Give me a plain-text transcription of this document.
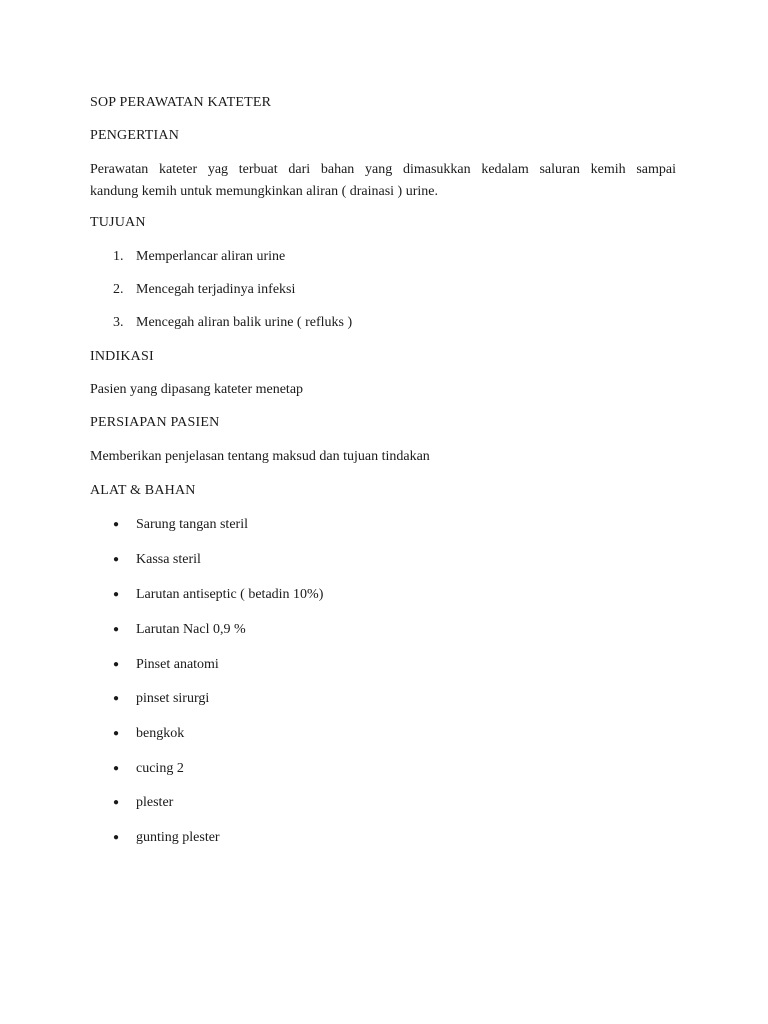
SOP PERAWATAN KATETER
PENGERTIAN
Perawatan kateter yag terbuat dari bahan yang dimasukkan kedalam saluran kemih sampai
kandung kemih untuk memungkinkan aliran ( drainasi ) urine.
TUJUAN
1. Memperlancar aliran urine
2. Mencegah terjadinya infeksi
3. Mencegah aliran balik urine ( refluks )
INDIKASI
Pasien yang dipasang kateter menetap
PERSIAPAN PASIEN
Memberikan penjelasan tentang maksud dan tujuan tindakan
ALAT & BAHAN
● Sarung tangan steril
● Kassa steril
● Larutan antiseptic ( betadin 10%)
● Larutan Nacl 0,9 %
● Pinset anatomi
● pinset sirurgi
● bengkok
● cucing 2
● plester
● gunting plester
